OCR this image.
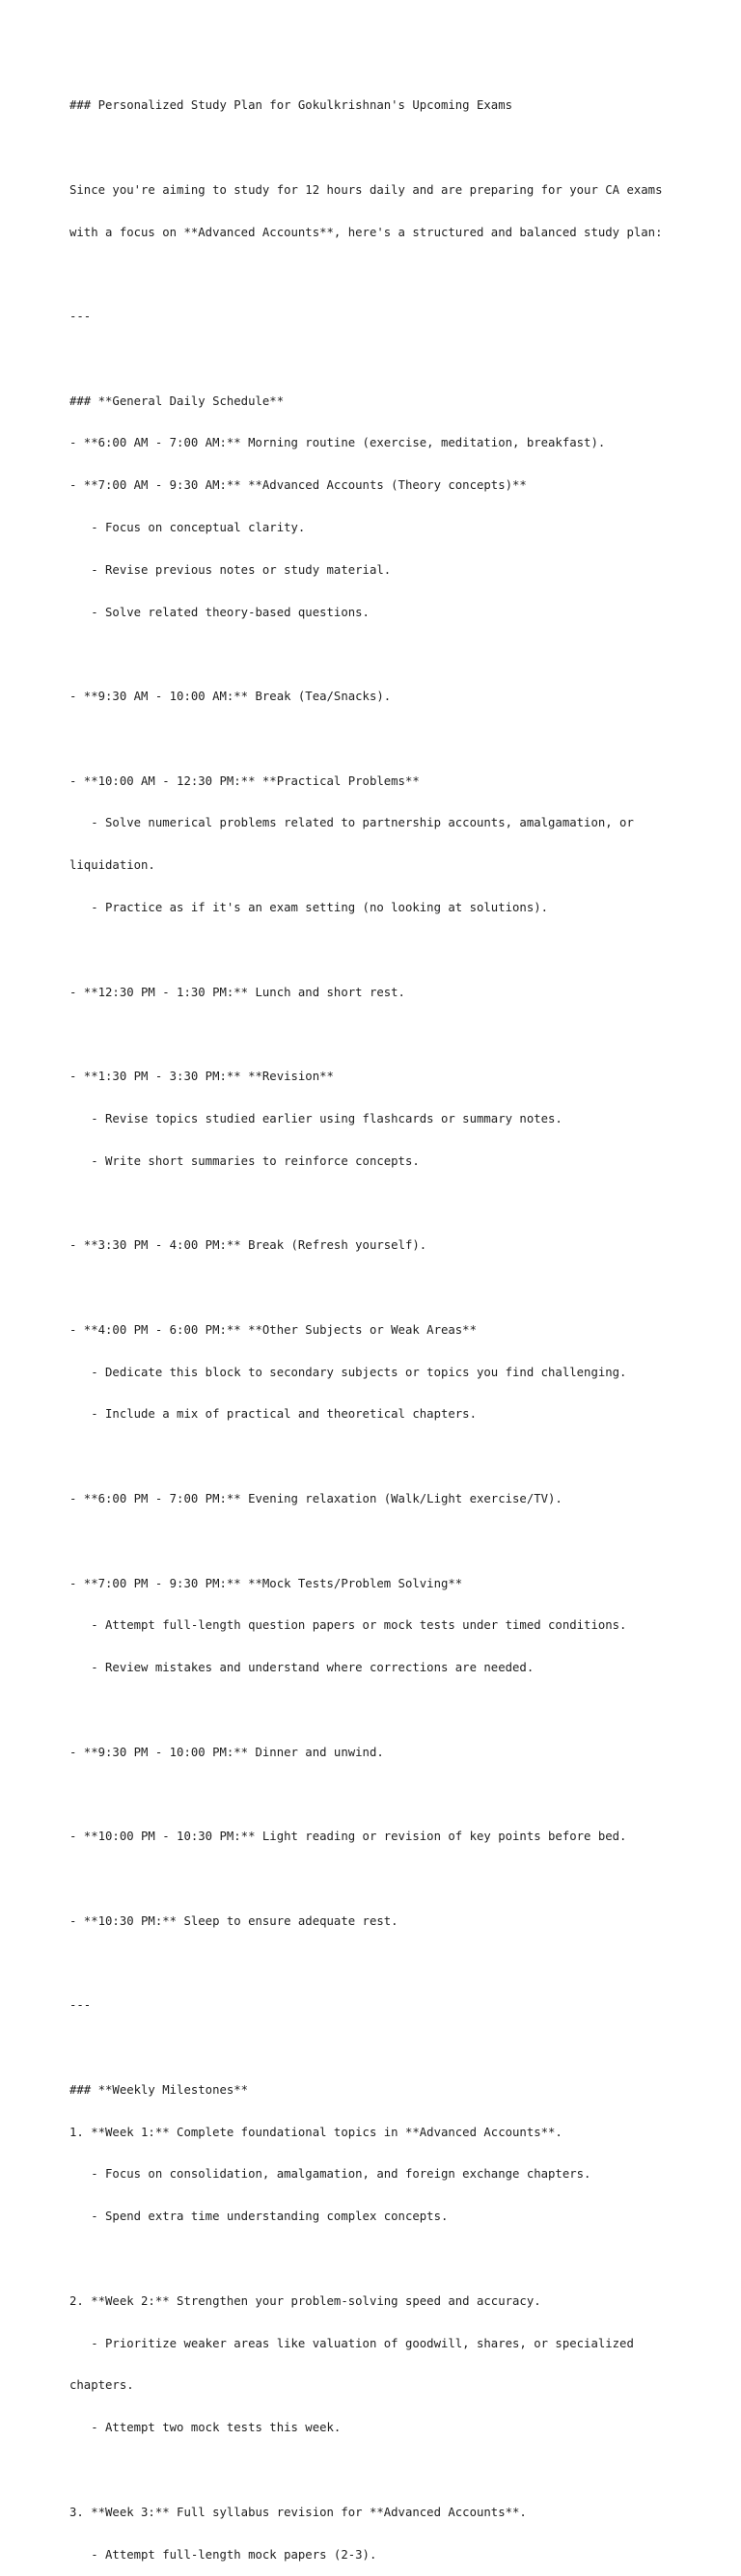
### Personalized Study Plan for Gokulkrishnan's Upcoming Exams

Since you're aiming to study for 12 hours daily and are preparing for your CA exams

with a focus on **Advanced Accounts**, here's a structured and balanced study plan:

---

### **General Daily Schedule**

- **6:00 AM - 7:00 AM:** Morning routine (exercise, meditation, breakfast).

- **7:00 AM - 9:30 AM:** **Advanced Accounts (Theory concepts)**

- Focus on conceptual clarity.

- Revise previous notes or study material.

- Solve related theory-based questions.

- **9:30 AM - 10:00 AM:** Break (Tea/Snacks).

- **10:00 AM - 12:30 PM:** **Practical Problems**

- Solve numerical problems related to partnership accounts, amalgamation, or

liquidation.

- Practice as if it's an exam setting (no looking at solutions).

- **12:30 PM - 1:30 PM:** Lunch and short rest.

- **1:30 PM - 3:30 PM:** **Revision**

- Revise topics studied earlier using flashcards or summary notes.

- Write short summaries to reinforce concepts.

- **3:30 PM - 4:00 PM:** Break (Refresh yourself).

- **4:00 PM - 6:00 PM:** **Other Subjects or Weak Areas**

- Dedicate this block to secondary subjects or topics you find challenging.

- Include a mix of practical and theoretical chapters.

- **6:00 PM - 7:00 PM:** Evening relaxation (Walk/Light exercise/TV).

- **7:00 PM - 9:30 PM:** **Mock Tests/Problem Solving**

- Attempt full-length question papers or mock tests under timed conditions.

- Review mistakes and understand where corrections are needed.

- **9:30 PM - 10:00 PM:** Dinner and unwind.

- **10:00 PM - 10:30 PM:** Light reading or revision of key points before bed.

- **10:30 PM:** Sleep to ensure adequate rest.

---

### **Weekly Milestones**

1. **Week 1:** Complete foundational topics in **Advanced Accounts**.

- Focus on consolidation, amalgamation, and foreign exchange chapters.

- Spend extra time understanding complex concepts.

2. **Week 2:** Strengthen your problem-solving speed and accuracy.

- Prioritize weaker areas like valuation of goodwill, shares, or specialized

chapters.

- Attempt two mock tests this week.

3. **Week 3:** Full syllabus revision for **Advanced Accounts**.

- Attempt full-length mock papers (2-3).
